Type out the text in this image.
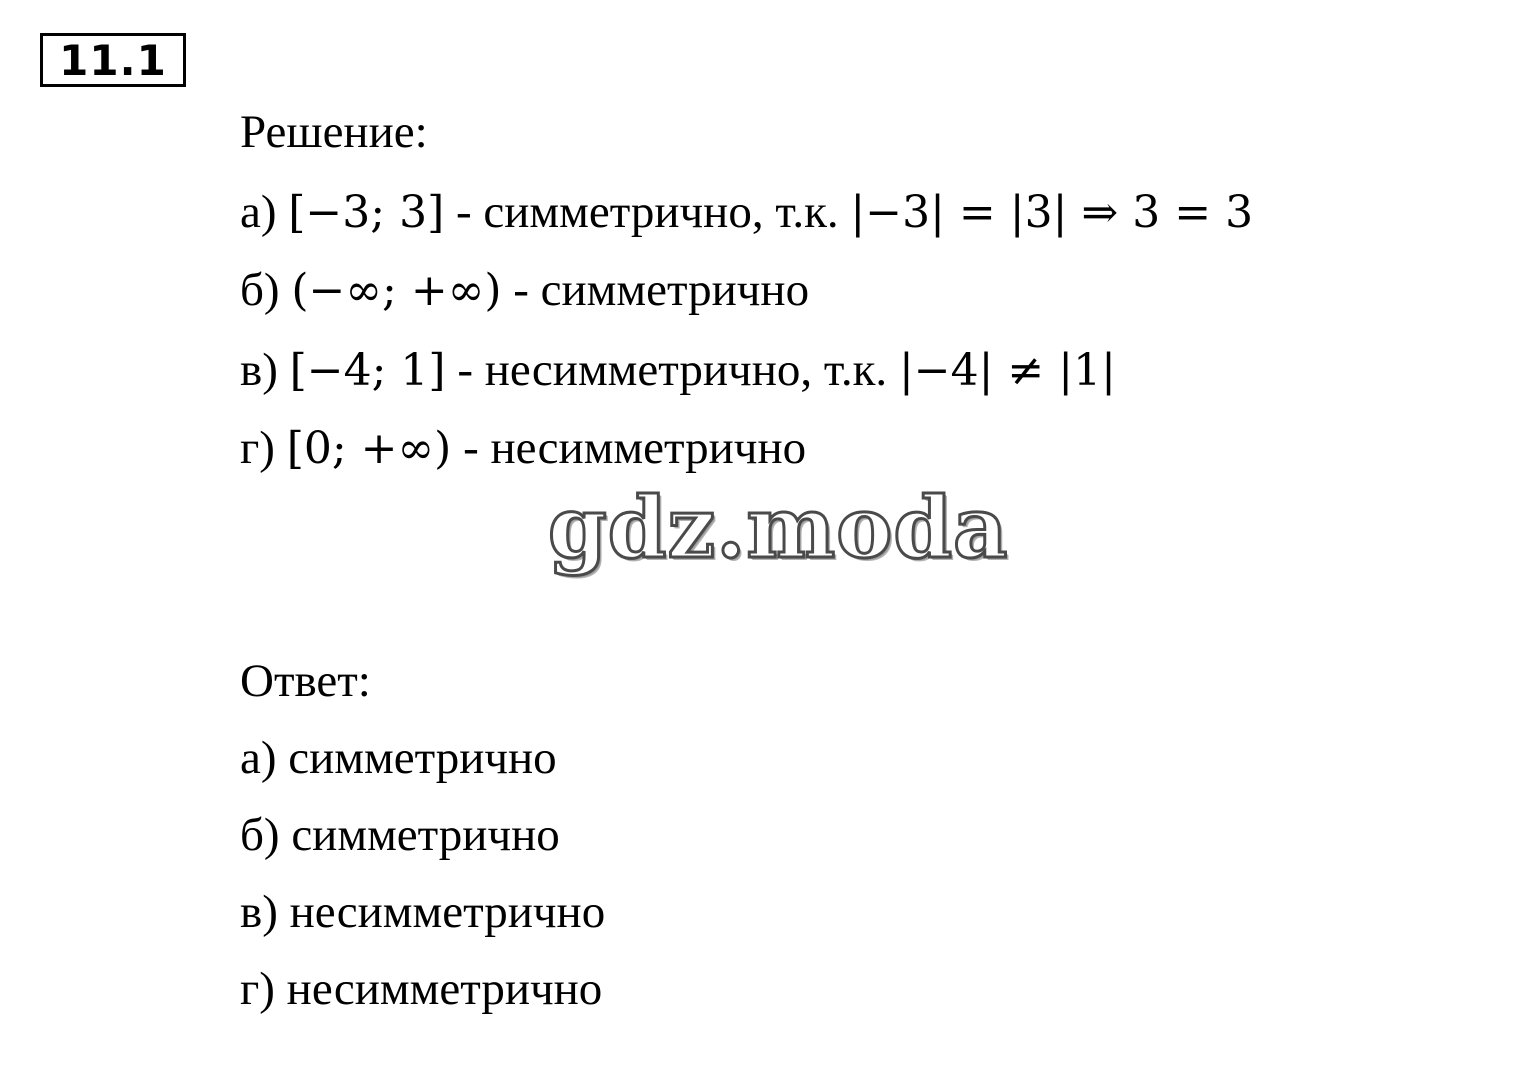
11.1
Решение:
а) [−3; 3] - симметрично, т.к. |−3| = |3| ⇒ 3 = 3
б) (−∞; +∞) - симметрично
в) [−4; 1] - несимметрично, т.к. |−4| ≠ |1|
г) [0; +∞) - несимметрично
gdz.moda
Ответ:
а) симметрично
б) симметрично
в) несимметрично
г) несимметрично
